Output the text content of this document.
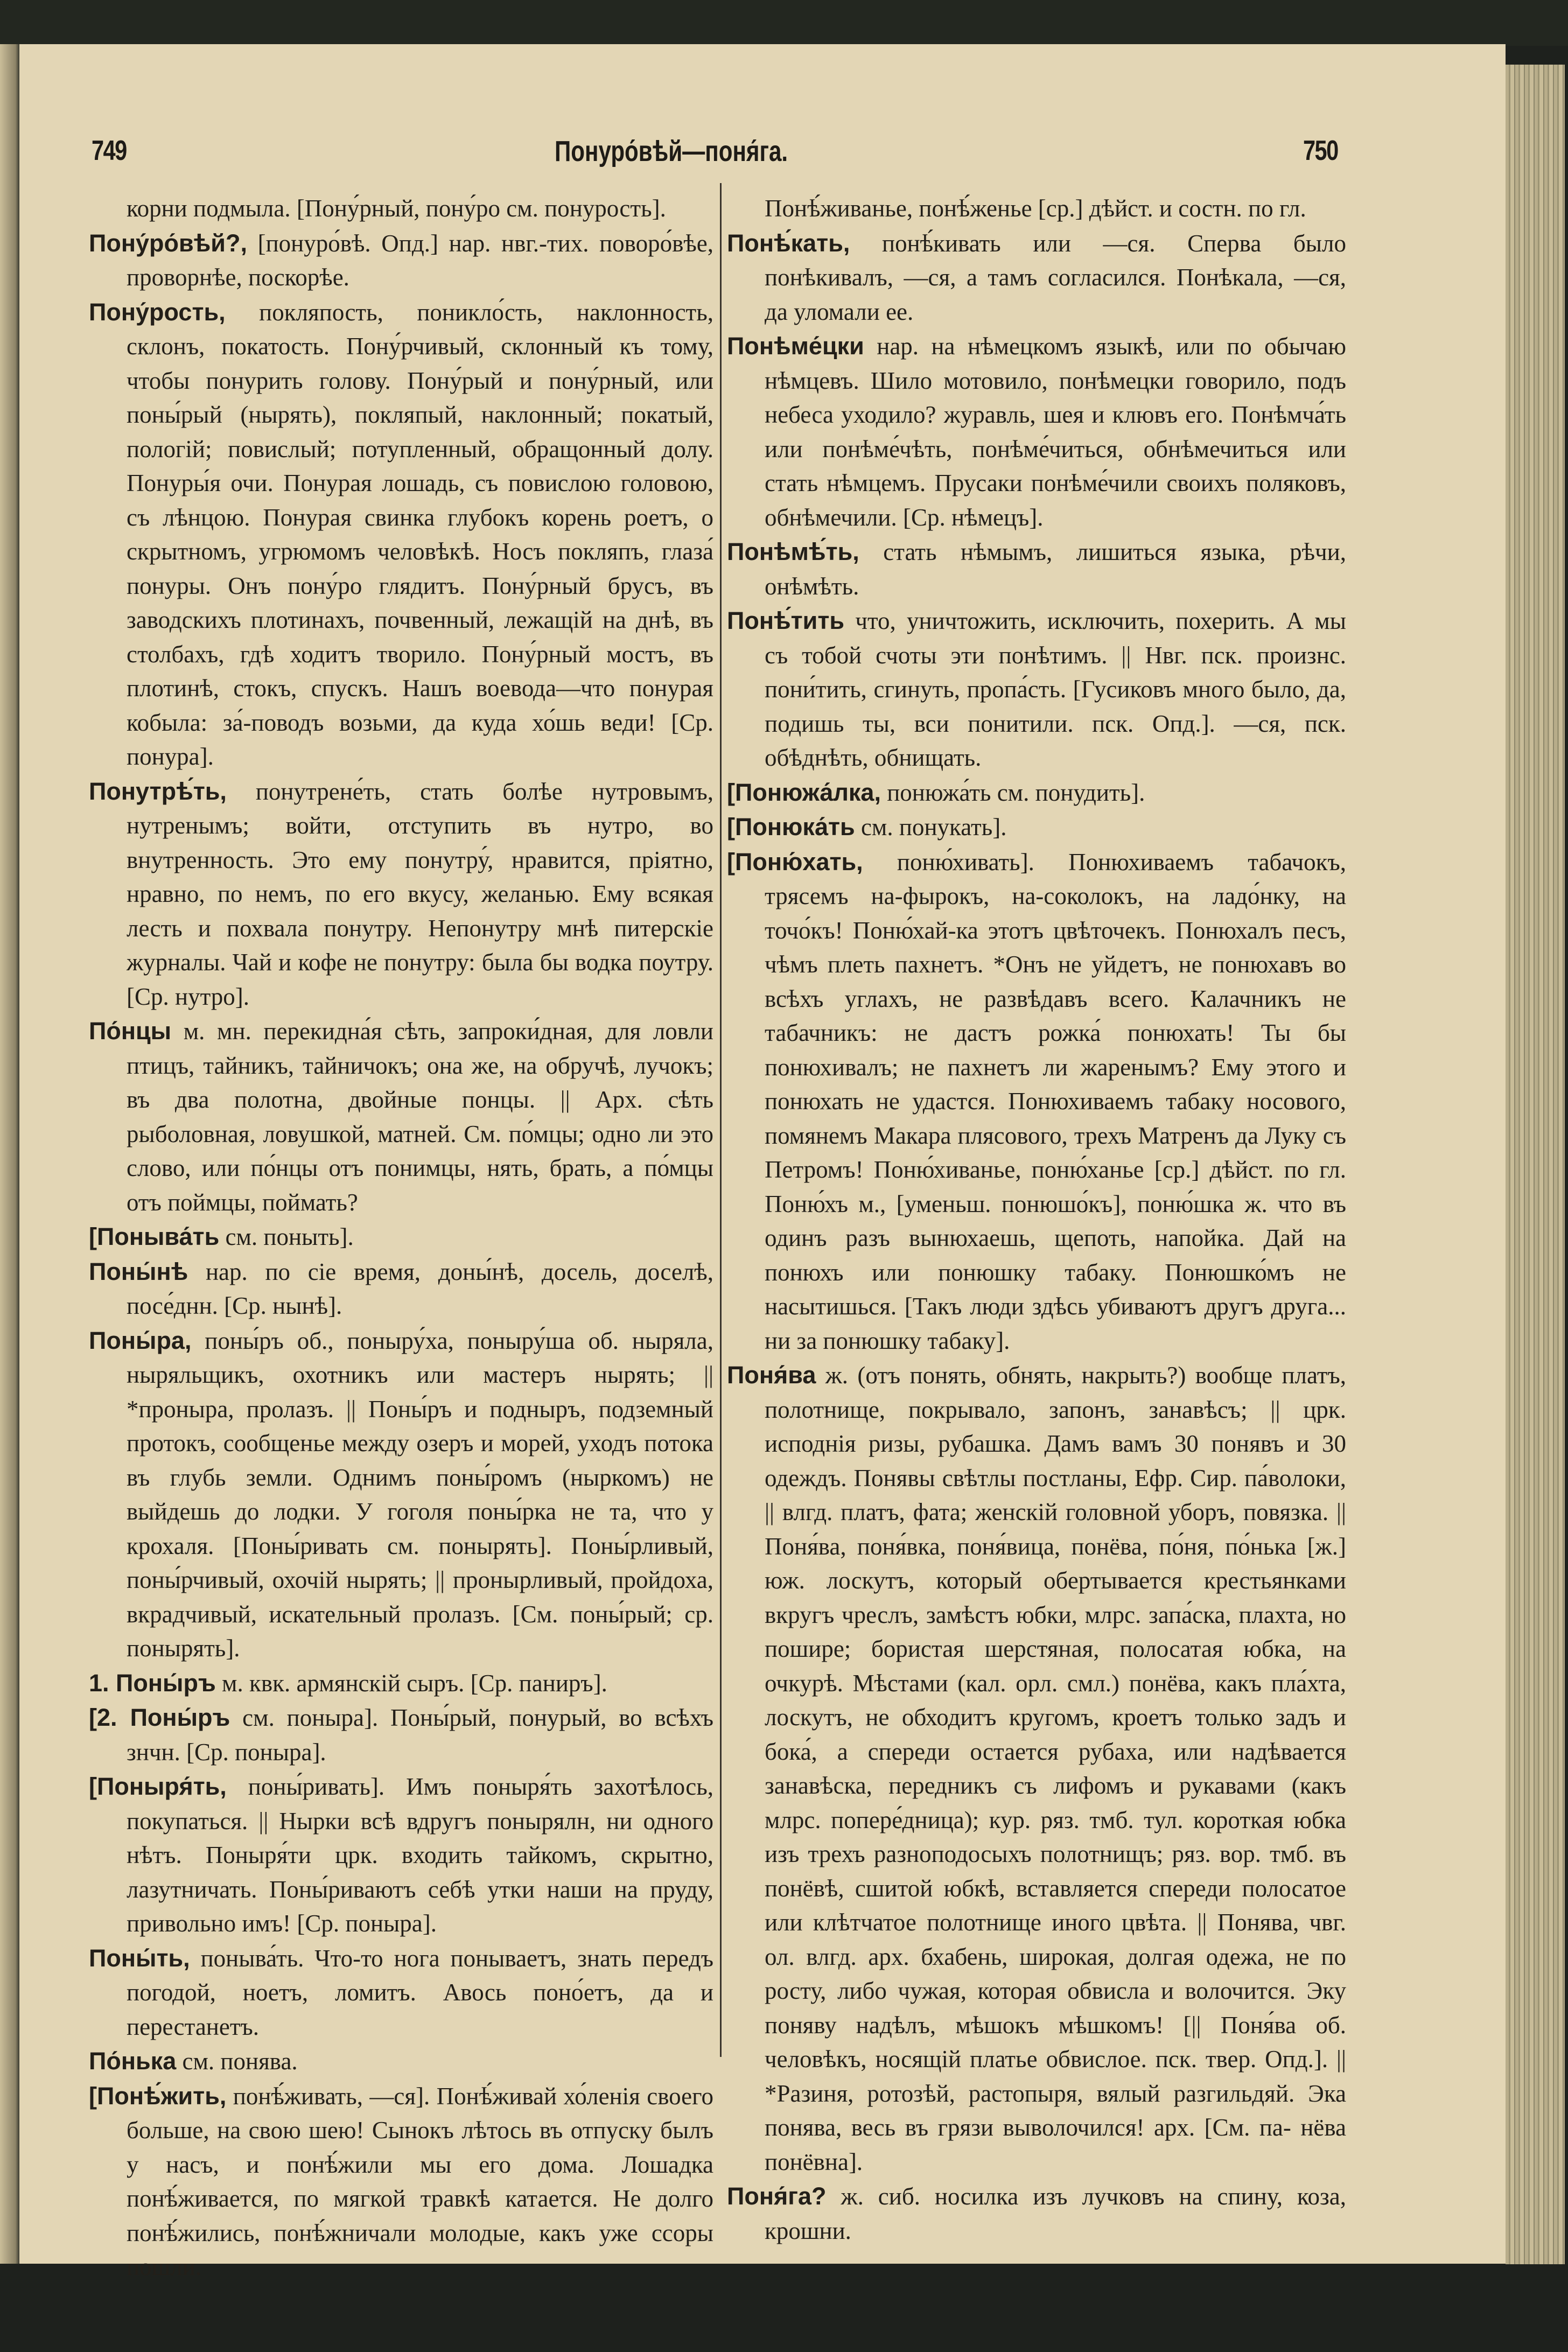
749	Понуро́вѣй—поня́га.	750

корни подмыла. [Пону́рный, пону́ро см. понурость].

Пону́ро́вѣй?, [понуро́вѣ. Опд.] нар. нвг.-тих. поворо́вѣе, проворнѣе, поскорѣе.

Пону́рость, покляпость, поникло́сть, наклонность, склонъ, покатость. Пону́рчивый, склонный къ тому, чтобы понурить голову. Пону́рый и пону́рный, или поны́рый (нырять), покляпый, наклонный; покатый, пологій; повислый; потупленный, обращонный долу. Понуры́я очи. Понурая лошадь, съ повислою головою, съ лѣнцою. Понурая свинка глубокъ корень роетъ, о скрытномъ, угрюмомъ человѣкѣ. Носъ покляпъ, глаза́ понуры. Онъ пону́ро глядитъ. Пону́рный брусъ, въ заводскихъ плотинахъ, почвенный, лежащій на днѣ, въ столбахъ, гдѣ ходитъ творило. Пону́рный мостъ, въ плотинѣ, стокъ, спускъ. Нашъ воевода—что понурая кобыла: за́-поводъ возьми, да куда хо́шь веди! [Ср. понура].

Понутрѣ́ть, понутрене́ть, стать болѣе нутровымъ, нутренымъ; войти, отступить въ нутро, во внутренность. Это ему понутру́, нравится, пріятно, нравно, по немъ, по его вкусу, желанью. Ему всякая лесть и похвала понутру. Непонутру мнѣ питерскіе журналы. Чай и кофе не понутру: была бы водка поутру. [Ср. нутро].

По́нцы м. мн. перекидна́я сѣть, запроки́дная, для ловли птицъ, тайникъ, тайничокъ; она же, на обручѣ, лучокъ; въ два полотна, двойные понцы. || Арх. сѣть рыболовная, ловушкой, матней. См. по́мцы; одно ли это слово, или по́нцы отъ понимцы, нять, брать, а по́мцы отъ поймцы, поймать?

[Поныва́ть см. поныть].

Поны́нѣ нар. по сіе время, доны́нѣ, досель, доселѣ, посе́днн. [Ср. нынѣ].

Поны́ра, поны́ръ об., поныру́ха, поныру́ша об. ныряла, ныряльщикъ, охотникъ или мастеръ нырять; || *проныра, пролазъ. || Поны́ръ и подныръ, подземный протокъ, сообщенье между озеръ и морей, уходъ потока въ глубь земли. Однимъ поны́ромъ (ныркомъ) не выйдешь до лодки. У гоголя поны́рка не та, что у крохаля. [Поны́ривать см. понырять]. Поны́рливый, поны́рчивый, охочій нырять; || пронырливый, пройдоха, вкрадчивый, искательный пролазъ. [См. поны́рый; ср. понырять].

1. Поны́ръ м. квк. армянскій сыръ. [Ср. паниръ].

[2. Поны́ръ см. поныра]. Поны́рый, понурый, во всѣхъ знчн. [Ср. поныра].

[Поныря́ть, поны́ривать]. Имъ поныря́ть захотѣлось, покупаться. || Нырки всѣ вдругъ понырялн, ни одного нѣтъ. Поныря́ти црк. входить тайкомъ, скрытно, лазутничать. Поны́риваютъ себѣ утки наши на пруду, привольно имъ! [Ср. поныра].

Поны́ть, поныва́ть. Что-то нога понываетъ, знать передъ погодой, ноетъ, ломитъ. Авось поно́етъ, да и перестанетъ.

По́нька см. понява.

[Понѣ́жить, понѣ́живать, —ся]. Понѣ́живай хо́ленія своего больше, на свою шею! Сынокъ лѣтось въ отпуску былъ у насъ, и понѣ́жили мы его дома. Лошадка понѣ́живается, по мягкой травкѣ катается. Не долго понѣ́жились, понѣ́жничали молодые, какъ уже ссоры пошли.

Понѣ́живанье, понѣ́женье [ср.] дѣйст. и состн. по гл.

Понѣ́кать, понѣ́кивать или —ся. Сперва было понѣкивалъ, —ся, а тамъ согласился. Понѣкала, —ся, да уломали ее.

Понѣме́цки нар. на нѣмецкомъ языкѣ, или по обычаю нѣмцевъ. Шило мотовило, понѣмецки говорило, подъ небеса уходило? журавль, шея и клювъ его. Понѣмча́ть или понѣме́чѣть, понѣме́читься, обнѣмечиться или стать нѣмцемъ. Прусаки понѣме́чили своихъ поляковъ, обнѣмечили. [Ср. нѣмецъ].

Понѣмѣ́ть, стать нѣмымъ, лишиться языка, рѣчи, онѣмѣть.

Понѣ́тить что, уничтожить, исключить, похерить. А мы съ тобой счоты эти понѣтимъ. || Нвг. пск. произнс. пони́тить, сгинуть, пропа́сть. [Гусиковъ много было, да, подишь ты, вси понитили. пск. Опд.]. —ся, пск. обѣднѣть, обнищать.

[Понюжа́лка, понюжа́ть см. понудить].

[Понюка́ть см. понукать].

[Поню́хать, поню́хивать]. Понюхиваемъ табачокъ, трясемъ на-фырокъ, на-соколокъ, на ладо́нку, на точо́къ! Поню́хай-ка этотъ цвѣточекъ. Понюхалъ песъ, чѣмъ плеть пахнетъ. *Онъ не уйдетъ, не понюхавъ во всѣхъ углахъ, не развѣдавъ всего. Калачникъ не табачникъ: не дастъ рожка́ понюхать! Ты бы понюхивалъ; не пахнетъ ли жаренымъ? Ему этого и понюхать не удастся. Понюхиваемъ табаку носового, помянемъ Макара плясового, трехъ Матренъ да Луку съ Петромъ! Поню́хиванье, поню́ханье [ср.] дѣйст. по гл. Поню́хъ м., [уменьш. понюшо́къ], поню́шка ж. что въ одинъ разъ вынюхаешь, щепоть, напойка. Дай на понюхъ или понюшку табаку. Понюшко́мъ не насытишься. [Такъ люди здѣсь убиваютъ другъ друга... ни за понюшку табаку].

Поня́ва ж. (отъ понять, обнять, накрыть?) вообще платъ, полотнище, покрывало, запонъ, занавѣсъ; || црк. исподнія ризы, рубашка. Дамъ вамъ 30 понявъ и 30 одеждъ. Понявы свѣтлы постланы, Ефр. Сир. па́волоки, || влгд. платъ, фата; женскій головной уборъ, повязка. || Поня́ва, поня́вка, поня́вица, понёва, по́ня, по́нька [ж.] юж. лоскутъ, который обертывается крестьянками вкругъ чреслъ, замѣстъ юбки, млрс. запа́ска, плахта, но пошире; бористая шерстяная, полосатая юбка, на очкурѣ. Мѣстами (кал. орл. смл.) понёва, какъ пла́хта, лоскутъ, не обходитъ кругомъ, кроетъ только задъ и бока́, а спереди остается рубаха, или надѣвается занавѣска, передникъ съ лифомъ и рукавами (какъ млрс. попере́дница); кур. ряз. тмб. тул. короткая юбка изъ трехъ разноподосыхъ полотнищъ; ряз. вор. тмб. въ понёвѣ, сшитой юбкѣ, вставляется спереди полосатое или клѣтчатое полотнище иного цвѣта. || Понява, чвг. ол. влгд. арх. бхабень, широкая, долгая одежа, не по росту, либо чужая, которая обвисла и волочится. Эку поняву надѣлъ, мѣшокъ мѣшкомъ! [|| Поня́ва об. человѣкъ, носящій платье обвислое. пск. твер. Опд.]. || *Разиня, ротозѣй, растопыря, вялый разгильдяй. Эка понява, весь въ грязи выволочился! арх. [См. па- нёва понёвна].

Поня́га? ж. сиб. носилка изъ лучковъ на спину, коза, крошни.
